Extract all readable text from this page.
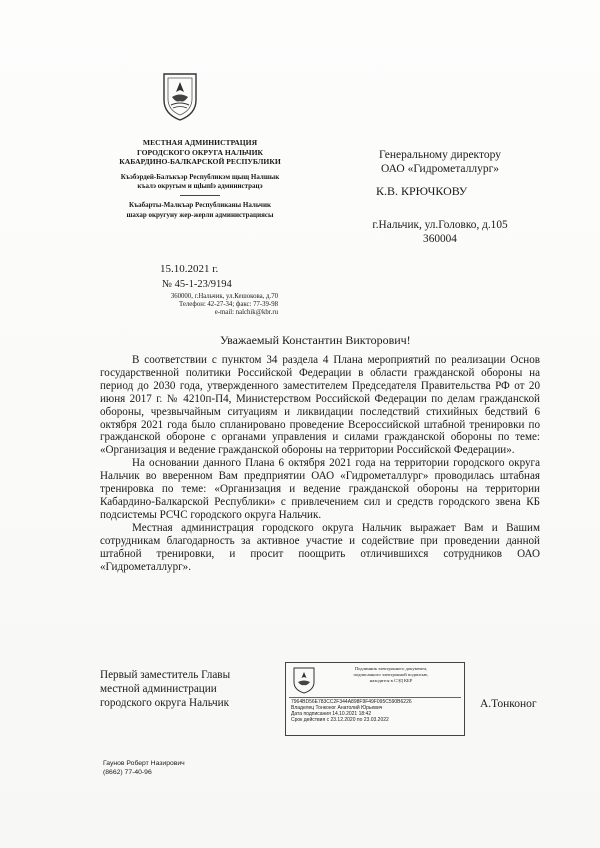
МЕСТНАЯ АДМИНИСТРАЦИЯ
ГОРОДСКОГО ОКРУГА НАЛЬЧИК
КАБАРДИНО-БАЛКАРСКОЙ РЕСПУБЛИКИ
Къэбэрдей-Балъкъэр Республикэм щыщ Налшык
къалэ округым и щlыпlэ администрацэ
Къабарты-Малкъар Республиканы Нальчик
шахар округуну жер-жерли администрациясы
15.10.2021 г.
№ 45-1-23/9194
360000, г.Нальчик, ул.Кешокова, д.70
Телефон: 42-27-34; факс: 77-39-98
e-mail: nalchik@kbr.ru
Генеральному директору
ОАО «Гидрометаллург»
К.В. КРЮЧКОВУ
г.Нальчик, ул.Головко, д.105
360004
Уважаемый Константин Викторович!

В соответствии с пунктом 34 раздела 4 Плана мероприятий по реализации Основ государственной политики Российской Федерации в области гражданской обороны на период до 2030 года, утвержденного заместителем Председателя Правительства РФ от 20 июня 2017 г. № 4210п-П4, Министерством Российской Федерации по делам гражданской обороны, чрезвычайным ситуациям и ликвидации последствий стихийных бедствий 6 октября 2021 года было спланировано проведение Всероссийской штабной тренировки по гражданской обороне с органами управления и силами гражданской обороны по теме: «Организация и ведение гражданской обороны на территории Российской Федерации».

На основании данного Плана 6 октября 2021 года на территории городского округа Нальчик во вверенном Вам предприятии ОАО «Гидрометаллург» проводилась штабная тренировка по теме: «Организация и ведение гражданской обороны на территории Кабардино-Балкарской Республики» с привлечением сил и средств городского звена КБ подсистемы РСЧС городского округа Нальчик.

Местная администрация городского округа Нальчик выражает Вам и Вашим сотрудникам благодарность за активное участие и содействие при проведении данной штабной тренировки, и просит поощрить отличившихся сотрудников ОАО «Гидрометаллург».

Первый заместитель Главы
местной администрации
городского округа Нальчик
Подлинник электронного документа,
подписанного электронной подписью,
находится в СЭД КБР
7964BD56E783CC2F344A898F9F49F095C590B6226
Владелец Тонконог Анатолий Юрьевич
Дата подписания 14.10.2021 18:42
Срок действия с 23.12.2020 по 23.03.2022
А.Тонконог
Гаунов Роберт Назирович
(8662) 77-40-96
